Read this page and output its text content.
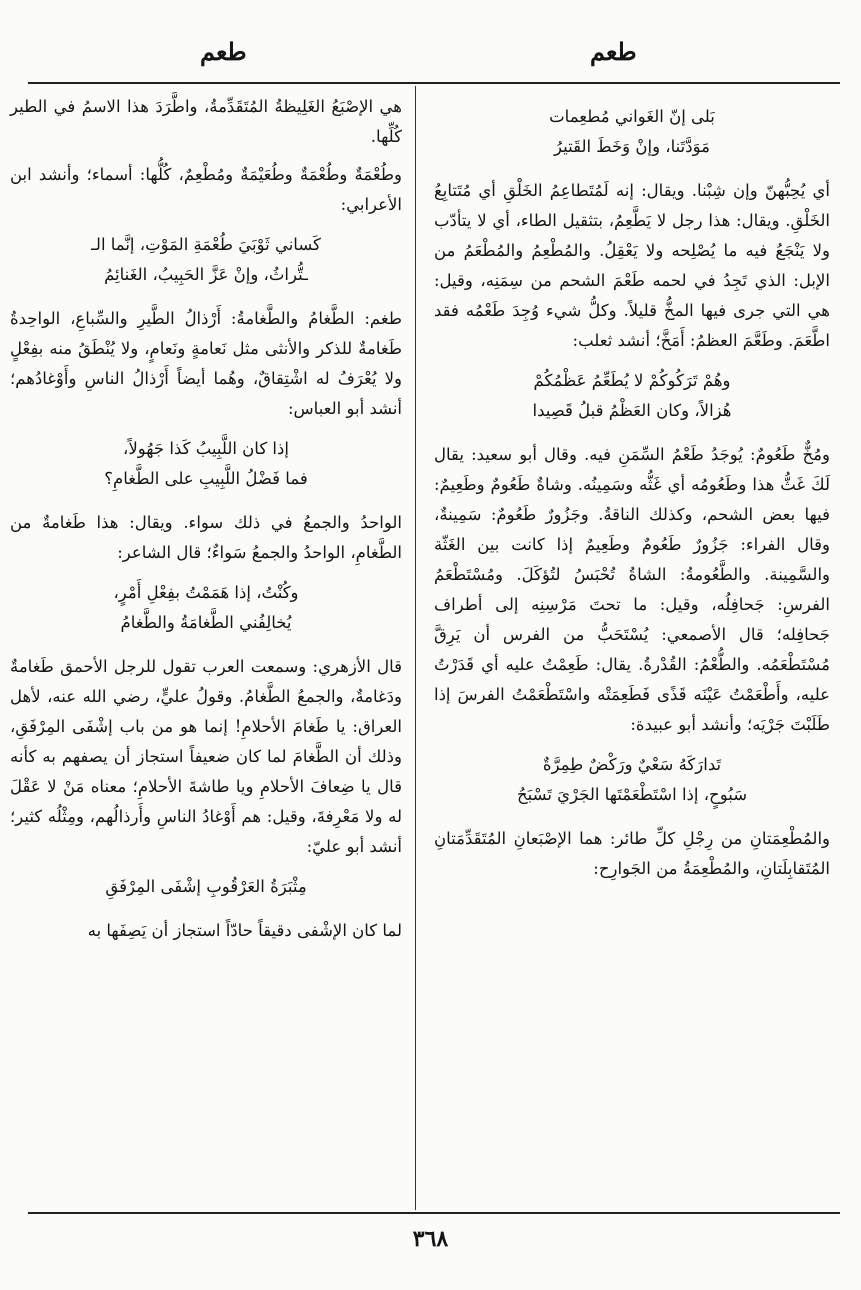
طعم
طعم
بَلى إنّ الغَواني مُطعِمات
مَوَدَّتَنا، وإنْ وَخَطَ القَتيرُ

أي يُحِبُّهنّ وإن شِبْنا. ويقال: إنه لَمُتَطاعِمُ الخَلْقِ أي مُتَتابِعُ الخَلْقِ. ويقال: هذا رجل لا يَطَّعِمُ، بتثقيل الطاء، أي لا يتأدّب ولا يَنْجَعُ فيه ما يُصْلِحه ولا يَعْقِلُ. والمُطْعِمُ والمُطْعَمُ من الإبل: الذي تَجِدُ في لحمه طَعْمَ الشحم من سِمَنِه، وقيل: هي التي جرى فيها المخُّ قليلاً. وكلُّ شيء وُجِدَ طَعْمُه فقد اطَّعَمَ. وطَعَّمَ العظمُ: أَمَخَّ؛ أنشد ثعلب:

وهُمْ تَرَكُوكُمْ لا يُطَعِّمُ عَظْمُكُمْ
هُزالاً، وكان العَظْمُ قبلُ قَصِيدا

ومُخٌّ طَعُومٌ: يُوجَدُ طَعْمُ السِّمَنِ فيه. وقال أبو سعيد: يقال لَكَ غَثُّ هذا وطَعُومُه أي غَثُّه وسَمِينُه. وشاةٌ طَعُومٌ وطَعِيمٌ: فيها بعض الشحم، وكذلك الناقةُ. وجَزُورٌ طَعُومٌ: سَمِينةٌ، وقال الفراء: جَزُورٌ طَعُومٌ وطَعِيمٌ إذا كانت بين الغَثّة والسَّمِينة. والطَّعُومةُ: الشاةُ تُحْبَسُ لتُؤكَلَ. ومُسْتَطْعَمُ الفرسِ: جَحافِلُه، وقيل: ما تحتَ مَرْسِنِه إلى أطراف جَحافِله؛ قال الأصمعي: يُسْتَحَبُّ من الفرس أن يَرِقَّ مُسْتَطْعَمُه. والطُّعْمُ: القُدْرةُ. يقال: طَعِمْتُ عليه أي قَدَرْتُ عليه، وأَطْعَمْتُ عَيْنَه قَذًى فَطَعِمَتْه واسْتَطْعَمْتُ الفرسَ إذا طَلَبْتَ جَرْيَه؛ وأنشد أبو عبيدة:

تَدارَكَهُ سَعْيٌ ورَكْضٌ طِمِرَّةٌ
سَبُوحٍ، إذا اسْتَطْعَمْتَها الجَرْيَ تَسْبَحُ

والمُطْعِمَتانِ من رِجْلِ كلِّ طائر: هما الإصْبَعانِ المُتَقَدِّمَتانِ المُتَقابِلَتانِ، والمُطْعِمَةُ من الجَوارِح:

هي الإصْبَعُ الغَلِيظةُ المُتَقَدِّمةُ، واطَّرَدَ هذا الاسمُ في الطير كُلِّها.

وطُعْمَةٌ وطُعْمَةٌ وطُعَيْمَةٌ ومُطْعِمٌ، كُلُّها: أسماء؛ وأنشد ابن الأعرابي:

كَساني ثَوْبَيَ طُعْمَةِ المَوْتِ، إنَّما الـ
ـتُّراثُ، وإنْ عَزَّ الحَبِيبُ، الغَنائِمُ

طغم: الطَّغامُ والطَّغامةُ: أَرْذالُ الطَّيرِ والسِّباعِ، الواحِدةُ طَغامةٌ للذكر والأنثى مثل نَعامةٍ ونَعامٍ، ولا يُنْطَقُ منه بفِعْلٍ ولا يُعْرَفُ له اشْتِقاقٌ، وهُما أيضاً أَرْذالُ الناسِ وأَوْغادُهم؛ أنشد أبو العباس:

إذا كان اللَّبِيبُ كَذا جَهُولاً،
فما فَضْلُ اللَّبِيبِ على الطَّغامِ؟

الواحدُ والجمعُ في ذلك سواء. ويقال: هذا طَغامةٌ من الطَّغامِ، الواحدُ والجمعُ سَواءٌ؛ قال الشاعر:

وكُنْتُ، إذا هَمَمْتُ بفِعْلِ أَمْرٍ،
يُخالِفُني الطَّغامَةُ والطَّغامُ

قال الأزهري: وسمعت العرب تقول للرجل الأحمق طَغامةٌ ودَغامةٌ، والجمعُ الطَّغامُ. وقولُ عليٍّ، رضي الله عنه، لأهل العراق: يا طَغامَ الأحلامِ! إنما هو من باب إشْفَى المِرْفَقِ، وذلك أن الطَّغامَ لما كان ضعيفاً استجاز أن يصفهم به كأنه قال يا ضِعافَ الأحلامِ ويا طاشةَ الأحلامِ؛ معناه مَنْ لا عَقْلَ له ولا مَعْرِفةَ، وقيل: هم أَوْغادُ الناسِ وأَرذالُهم، ومِثْلُه كثير؛ أنشد أبو عليّ:

مِثْبَرَةُ العَرْقُوبِ إشْفَى المِرْفَقِ

لما كان الإشْفى دقيقاً حادّاً استجاز أن يَصِفَها به

٣٦٨
